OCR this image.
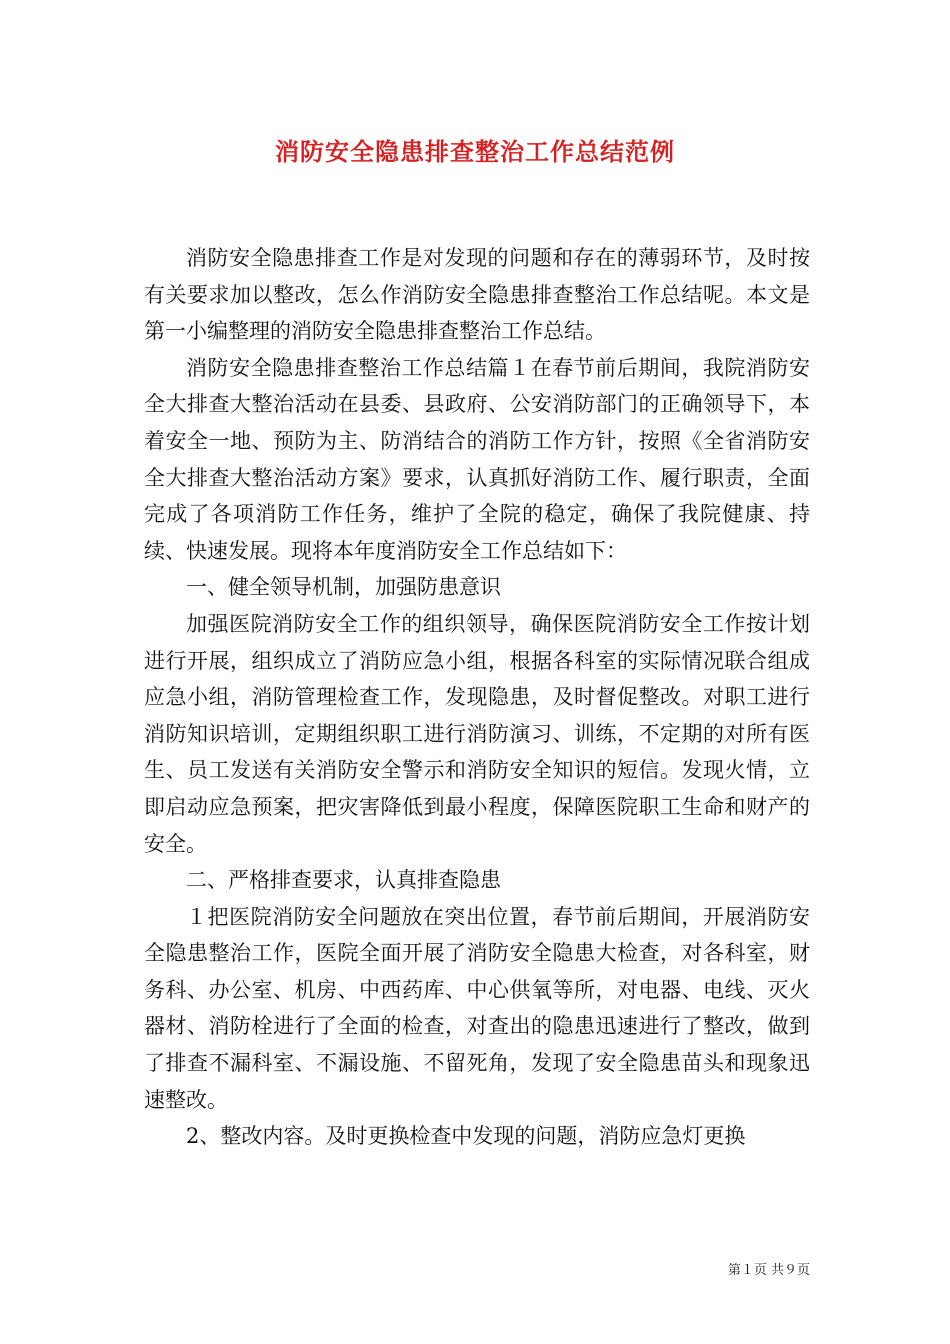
消防安全隐患排查整治工作总结范例

消防安全隐患排查工作是对发现的问题和存在的薄弱环节，及时按有关要求加以整改，怎么作消防安全隐患排查整治工作总结呢。本文是第一小编整理的消防安全隐患排查整治工作总结。

消防安全隐患排查整治工作总结篇１在春节前后期间，我院消防安全大排查大整治活动在县委、县政府、公安消防部门的正确领导下，本着安全一地、预防为主、防消结合的消防工作方针，按照《全省消防安全大排查大整治活动方案》要求，认真抓好消防工作、履行职责，全面完成了各项消防工作任务，维护了全院的稳定，确保了我院健康、持续、快速发展。现将本年度消防安全工作总结如下：

一、健全领导机制，加强防患意识

加强医院消防安全工作的组织领导，确保医院消防安全工作按计划进行开展，组织成立了消防应急小组，根据各科室的实际情况联合组成应急小组，消防管理检查工作，发现隐患，及时督促整改。对职工进行消防知识培训，定期组织职工进行消防演习、训练，不定期的对所有医生、员工发送有关消防安全警示和消防安全知识的短信。发现火情，立即启动应急预案，把灾害降低到最小程度，保障医院职工生命和财产的安全。

二、严格排查要求，认真排查隐患

１把医院消防安全问题放在突出位置，春节前后期间，开展消防安全隐患整治工作，医院全面开展了消防安全隐患大检查，对各科室，财务科、办公室、机房、中西药库、中心供氧等所，对电器、电线、灭火器材、消防栓进行了全面的检查，对查出的隐患迅速进行了整改，做到了排查不漏科室、不漏设施、不留死角，发现了安全隐患苗头和现象迅速整改。

2、整改内容。及时更换检查中发现的问题，消防应急灯更换

第１页 共９页
